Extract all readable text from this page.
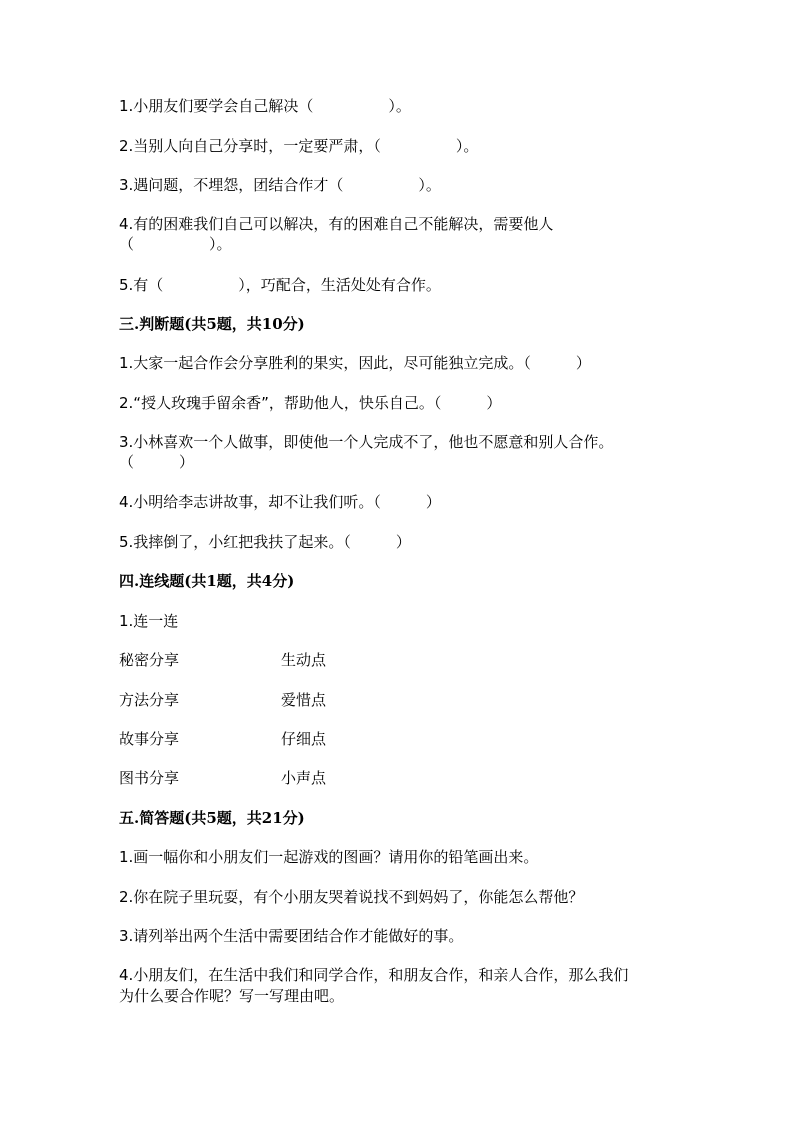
1.小朋友们要学会自己解决（　　　　　）。
2.当别人向自己分享时，一定要严肃，（　　　　　）。
3.遇问题，不埋怨，团结合作才（　　　　　）。
4.有的困难我们自己可以解决，有的困难自己不能解决，需要他人
（　　　　　）。
5.有（　　　　　），巧配合，生活处处有合作。
三.判断题(共5题，共10分)
1.大家一起合作会分享胜利的果实，因此，尽可能独立完成。（　　　）
2.“授人玫瑰手留余香”，帮助他人，快乐自己。（　　　）
3.小林喜欢一个人做事，即使他一个人完成不了，他也不愿意和别人合作。
（　　　）
4.小明给李志讲故事，却不让我们听。（　　　）
5.我摔倒了，小红把我扶了起来。（　　　）
四.连线题(共1题，共4分)
1.连一连
秘密分享	生动点
方法分享	爱惜点
故事分享	仔细点
图书分享	小声点
五.简答题(共5题，共21分)
1.画一幅你和小朋友们一起游戏的图画？请用你的铅笔画出来。
2.你在院子里玩耍，有个小朋友哭着说找不到妈妈了，你能怎么帮他？
3.请列举出两个生活中需要团结合作才能做好的事。
4.小朋友们，在生活中我们和同学合作，和朋友合作，和亲人合作，那么我们
为什么要合作呢？写一写理由吧。
